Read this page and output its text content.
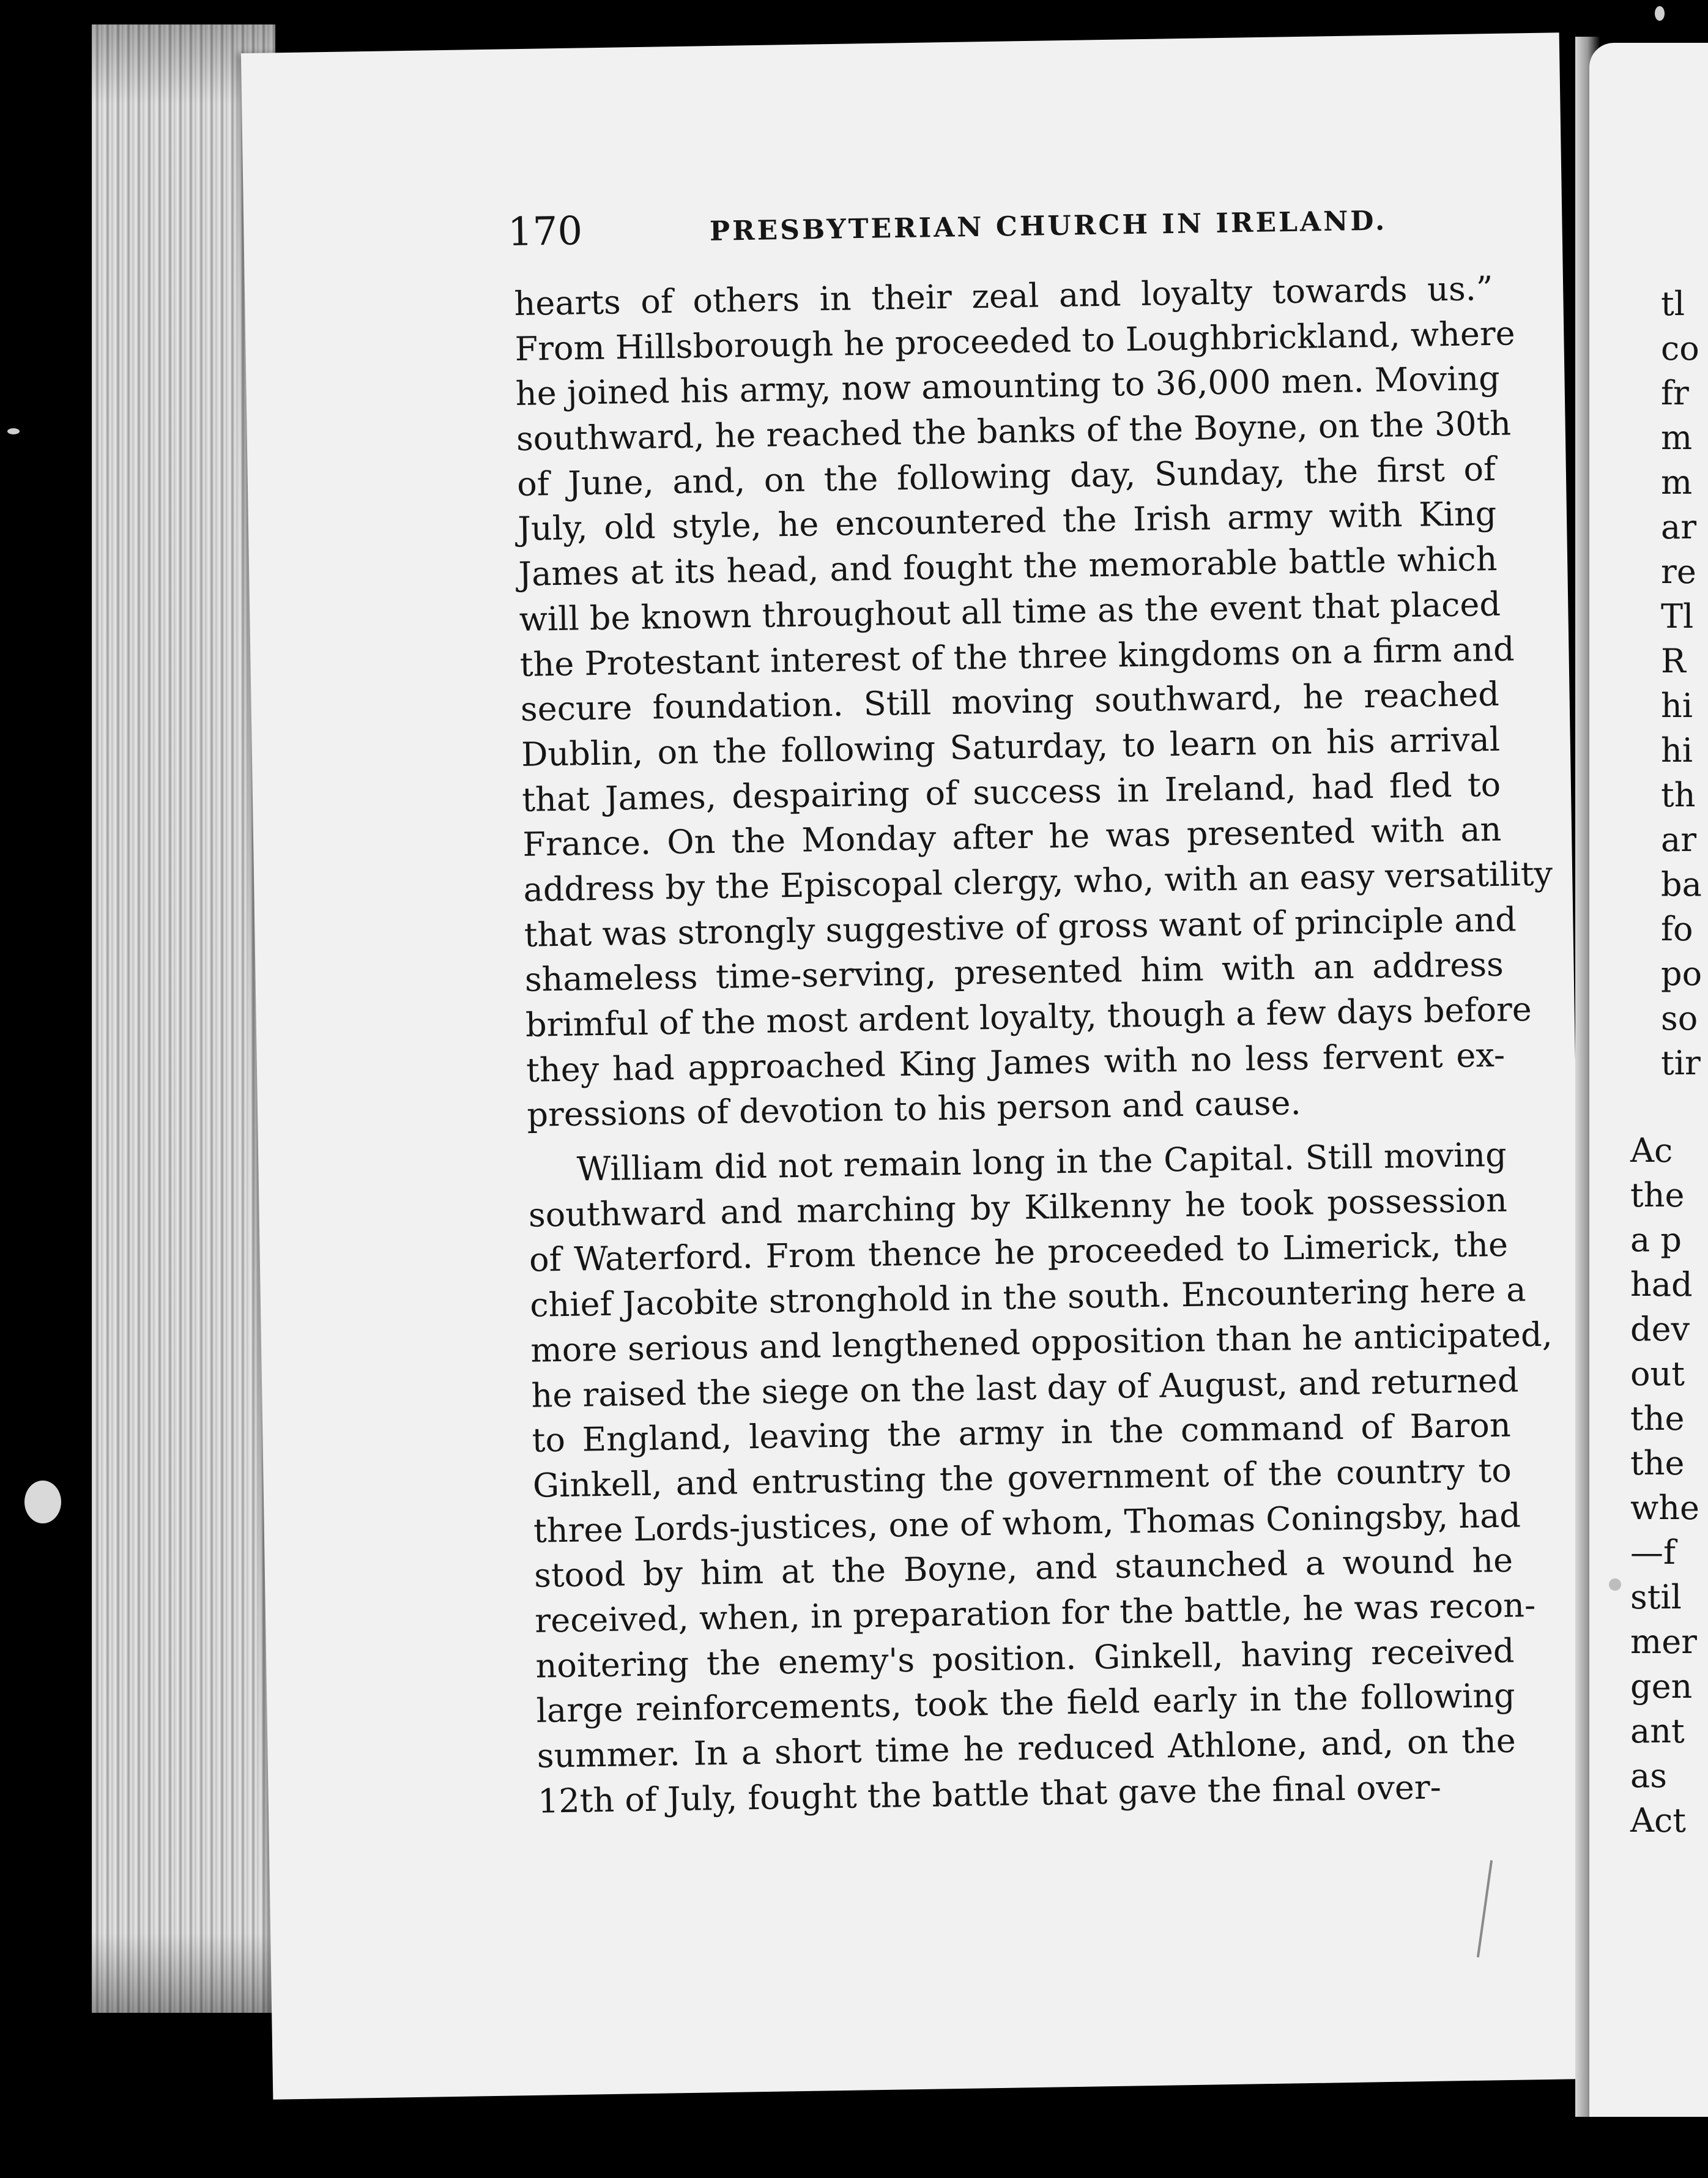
170	PRESBYTERIAN CHURCH IN IRELAND.
hearts of others in their zeal and loyalty towards us.”
From Hillsborough he proceeded to Loughbrickland, where
he joined his army, now amounting to 36,000 men. Moving
southward, he reached the banks of the Boyne, on the 30th
of June, and, on the following day, Sunday, the first of
July, old style, he encountered the Irish army with King
James at its head, and fought the memorable battle which
will be known throughout all time as the event that placed
the Protestant interest of the three kingdoms on a firm and
secure foundation. Still moving southward, he reached
Dublin, on the following Saturday, to learn on his arrival
that James, despairing of success in Ireland, had fled to
France. On the Monday after he was presented with an
address by the Episcopal clergy, who, with an easy versatility
that was strongly suggestive of gross want of principle and
shameless time-serving, presented him with an address
brimful of the most ardent loyalty, though a few days before
they had approached King James with no less fervent ex-
pressions of devotion to his person and cause.
William did not remain long in the Capital. Still moving
southward and marching by Kilkenny he took possession
of Waterford. From thence he proceeded to Limerick, the
chief Jacobite stronghold in the south. Encountering here a
more serious and lengthened opposition than he anticipated,
he raised the siege on the last day of August, and returned
to England, leaving the army in the command of Baron
Ginkell, and entrusting the government of the country to
three Lords-justices, one of whom, Thomas Coningsby, had
stood by him at the Boyne, and staunched a wound he
received, when, in preparation for the battle, he was recon-
noitering the enemy's position. Ginkell, having received
large reinforcements, took the field early in the following
summer. In a short time he reduced Athlone, and, on the
12th of July, fought the battle that gave the final over-
tl
co
fr
m
m
ar
re
Tl
R
hi
hi
th
ar
ba
fo
po
so
tir
Ac
the
a p
had
dev
out
the
the
whe
—f
stil
mer
gen
ant
as
Act
